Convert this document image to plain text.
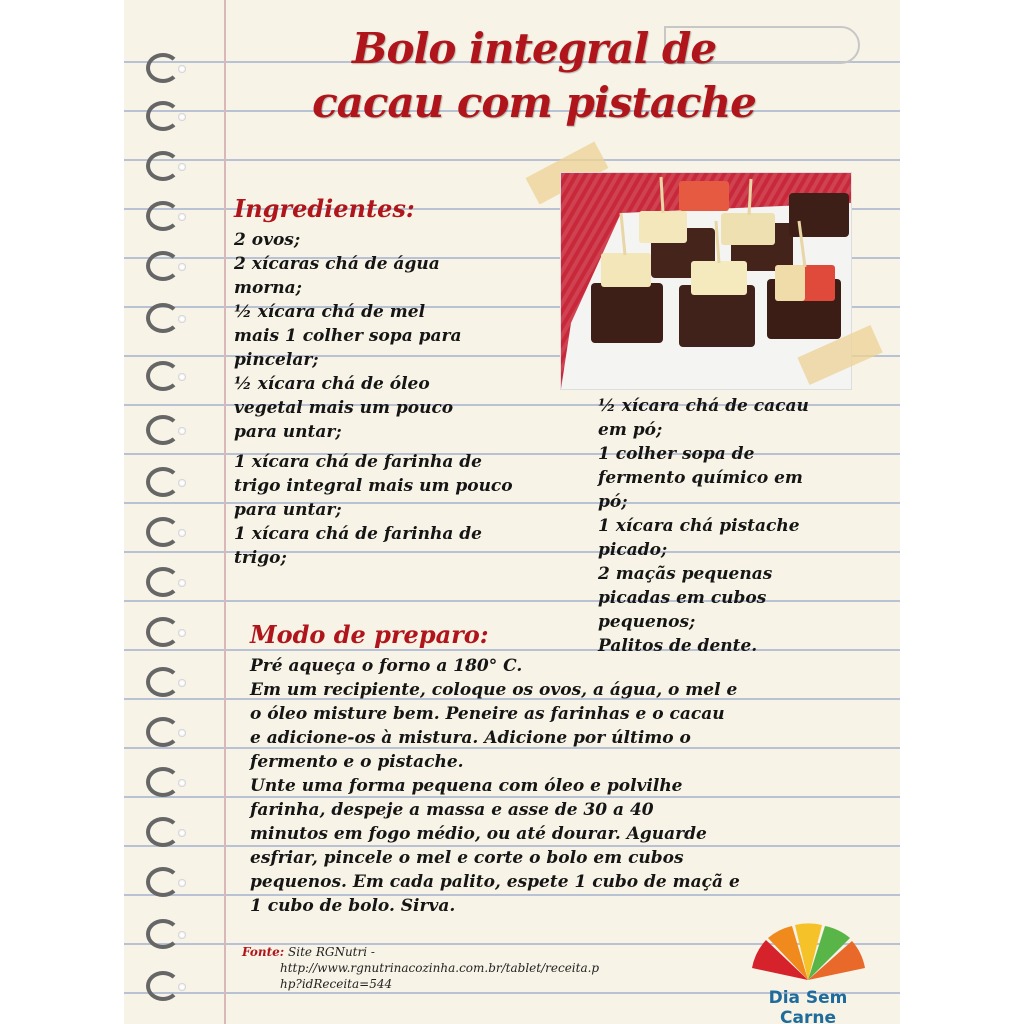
Bolo integral de
cacau com pistache
Ingredientes:
2 ovos;
2 xícaras chá de água
morna;
½ xícara chá de mel
mais 1 colher sopa para
pincelar;
½ xícara chá de óleo
vegetal mais um pouco
para untar;
1 xícara chá de farinha de
trigo integral mais um pouco
para untar;
1 xícara chá de farinha de
trigo;
½ xícara chá de cacau
em pó;
1 colher sopa de
fermento químico em
pó;
1 xícara chá pistache
picado;
2 maçãs pequenas
picadas em cubos
pequenos;
Palitos de dente.
Modo de preparo:
Pré aqueça o forno a 180° C.
Em um recipiente, coloque os ovos, a água, o mel e
o óleo misture bem. Peneire as farinhas e o cacau
e adicione-os à mistura. Adicione por último o
fermento e o pistache.
Unte uma forma pequena com óleo e polvilhe
farinha, despeje a massa e asse de 30 a 40
minutos em fogo médio, ou até dourar. Aguarde
esfriar, pincele o mel e corte o bolo em cubos
pequenos. Em cada palito, espete 1 cubo de maçã e
1 cubo de bolo. Sirva.

Fonte: Site RGNutri -
http://www.rgnutrinacozinha.com.br/tablet/receita.p
hp?idReceita=544

Dia Sem Carne
